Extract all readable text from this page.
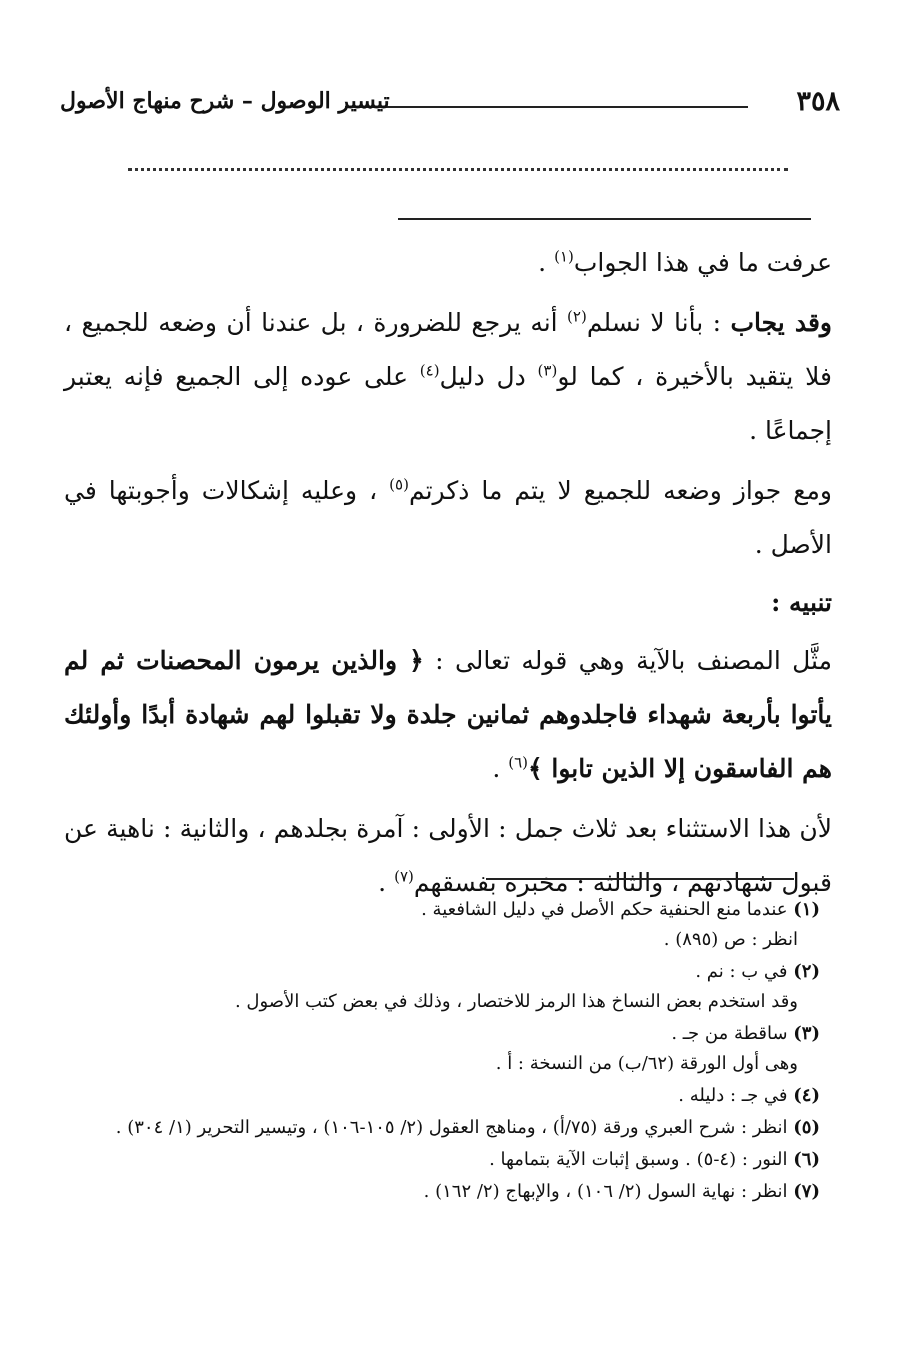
٣٥٨
تيسير الوصول – شرح منهاج الأصول

عرفت ما في هذا الجواب$^{(١)}$ .

وقد يجاب : بأنا لا نسلم$^{(٢)}$ أنه يرجع للضرورة ، بل عندنا أن وضعه للجميع ، فلا يتقيد بالأخيرة ، كما لو$^{(٣)}$ دل دليل$^{(٤)}$ على عوده إلى الجميع فإنه يعتبر إجماعًا .

ومع جواز وضعه للجميع لا يتم ما ذكرتم$^{(٥)}$ ، وعليه إشكالات وأجوبتها في الأصل .

تنبيه :

مثَّل المصنف بالآية وهي قوله تعالى : ﴿ والذين يرمون المحصنات ثم لم يأتوا بأربعة شهداء فاجلدوهم ثمانين جلدة ولا تقبلوا لهم شهادة أبدًا وأولئك هم الفاسقون إلا الذين تابوا ﴾$^{(٦)}$ .

لأن هذا الاستثناء بعد ثلاث جمل : الأولى : آمرة بجلدهم ، والثانية : ناهية عن قبول شهادتهم ، والثالثة : مخبرة بفسقهم$^{(٧)}$ .

(١) عندما منع الحنفية حكم الأصل في دليل الشافعية .
انظر : ص (٨٩٥) .
(٢) في ب : نم .
وقد استخدم بعض النساخ هذا الرمز للاختصار ، وذلك في بعض كتب الأصول .
(٣) ساقطة من جـ .
وهى أول الورقة (٦٢/ب) من النسخة : أ .
(٤) في جـ : دليله .
(٥) انظر : شرح العبري ورقة (٧٥/أ) ، ومناهج العقول (٢/ ١٠٥-١٠٦) ، وتيسير التحرير (١/ ٣٠٤) .
(٦) النور : (٤-٥) . وسبق إثبات الآية بتمامها .
(٧) انظر : نهاية السول (٢/ ١٠٦) ، والإبهاج (٢/ ١٦٢) .
